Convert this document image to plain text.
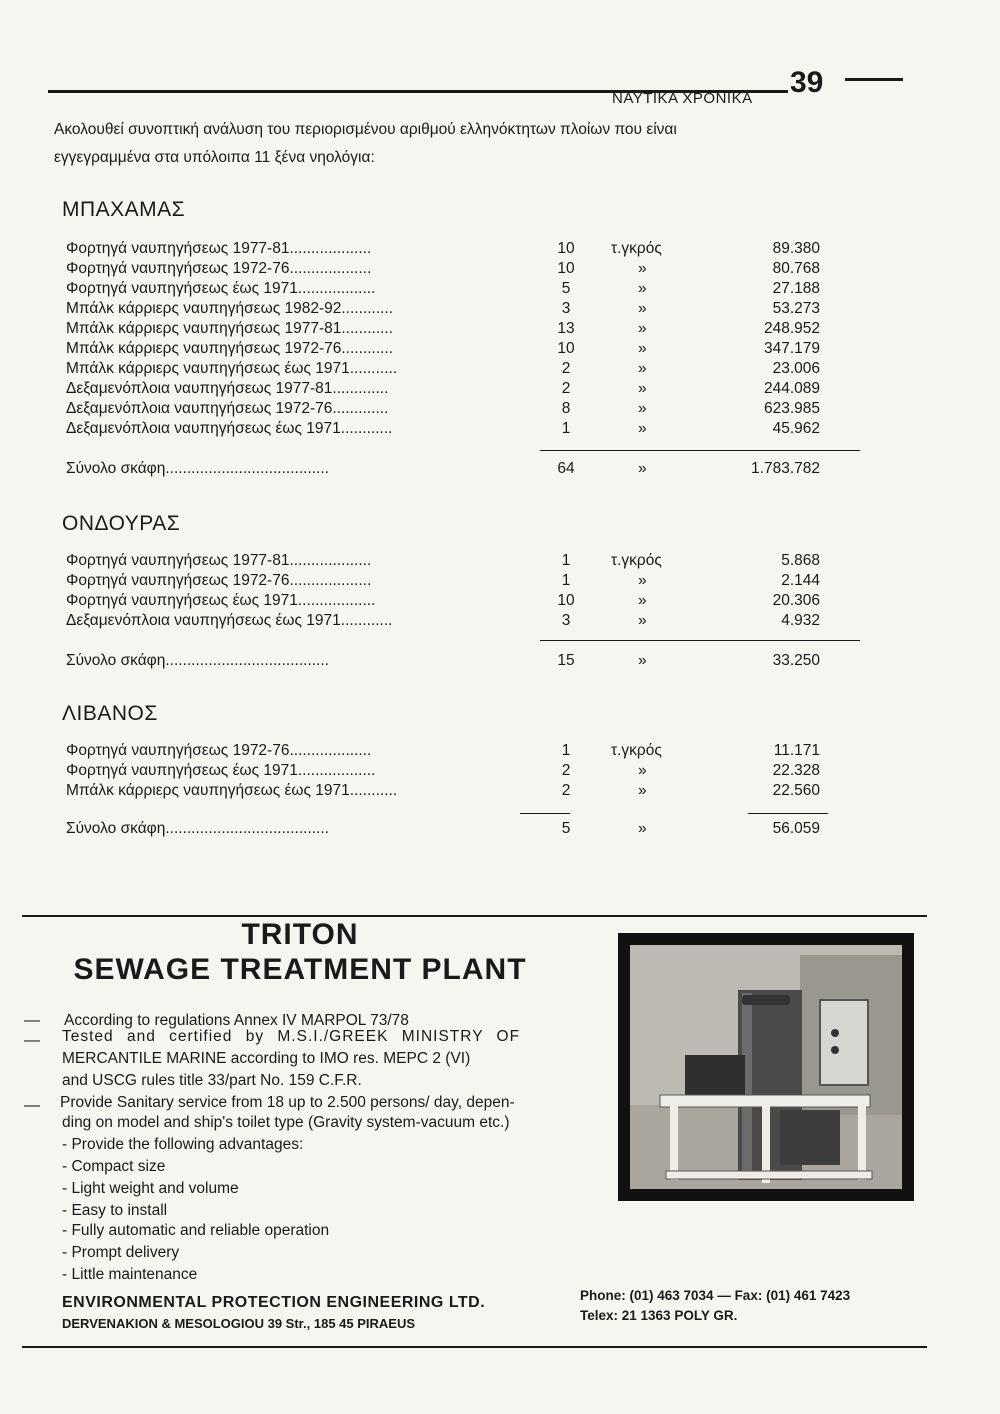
ΝΑΥΤΙΚΑ ΧΡΟΝΙΚΑ 39
Ακολουθεί συνοπτική ανάλυση του περιορισμένου αριθμού ελληνόκτητων πλοίων που είναι
εγγεγραμμένα στα υπόλοιπα 11 ξένα νηολόγια:
ΜΠΑΧΑΜΑΣ
Φορτηγά ναυπηγήσεως 1977-81...................	10	τ.γκρός	89.380
Φορτηγά ναυπηγήσεως 1972-76...................	10	»	80.768
Φορτηγά ναυπηγήσεως έως 1971..................	5	»	27.188
Μπάλκ κάρριερς ναυπηγήσεως 1982-92............	3	»	53.273
Μπάλκ κάρριερς ναυπηγήσεως 1977-81............	13	»	248.952
Μπάλκ κάρριερς ναυπηγήσεως 1972-76............	10	»	347.179
Μπάλκ κάρριερς ναυπηγήσεως έως 1971...........	2	»	23.006
Δεξαμενόπλοια ναυπηγήσεως 1977-81.............	2	»	244.089
Δεξαμενόπλοια ναυπηγήσεως 1972-76.............	8	»	623.985
Δεξαμενόπλοια ναυπηγήσεως έως 1971............	1	»	45.962
Σύνολο σκάφη......................................	64	»	1.783.782
ΟΝΔΟΥΡΑΣ
Φορτηγά ναυπηγήσεως 1977-81...................	1	τ.γκρός	5.868
Φορτηγά ναυπηγήσεως 1972-76...................	1	»	2.144
Φορτηγά ναυπηγήσεως έως 1971..................	10	»	20.306
Δεξαμενόπλοια ναυπηγήσεως έως 1971............	3	»	4.932
Σύνολο σκάφη......................................	15	»	33.250
ΛΙΒΑΝΟΣ
Φορτηγά ναυπηγήσεως 1972-76...................	1	τ.γκρός	11.171
Φορτηγά ναυπηγήσεως έως 1971..................	2	»	22.328
Μπάλκ κάρριερς ναυπηγήσεως έως 1971...........	2	»	22.560
Σύνολο σκάφη......................................	5	»	56.059
TRITON
SEWAGE TREATMENT PLANT
— According to regulations Annex IV MARPOL 73/78
— Tested and certified by M.S.I./GREEK MINISTRY OF
MERCANTILE MARINE according to IMO res. MEPC 2 (VI)
and USCG rules title 33/part No. 159 C.F.R.
— Provide Sanitary service from 18 up to 2.500 persons/ day, depen-
ding on model and ship's toilet type (Gravity system-vacuum etc.)
- Provide the following advantages:
- Compact size
- Light weight and volume
- Easy to install
- Fully automatic and reliable operation
- Prompt delivery
- Little maintenance
Phone: (01) 463 7034 — Fax: (01) 461 7423
Telex: 21 1363 POLY GR.
ENVIRONMENTAL PROTECTION ENGINEERING LTD.
DERVENAKION & MESOLOGIOU 39 Str., 185 45 PIRAEUS
